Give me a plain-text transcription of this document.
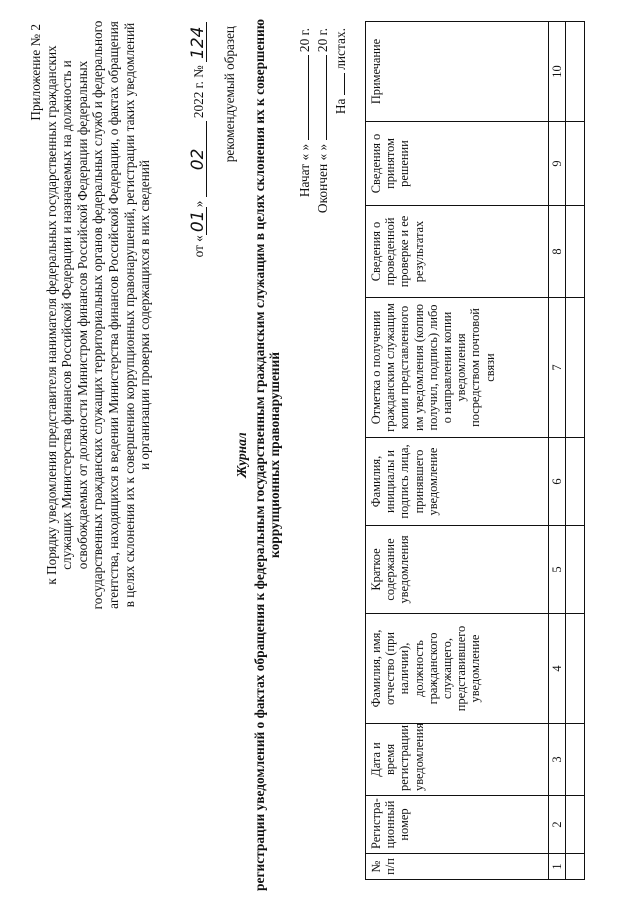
Приложение № 2 к Порядку уведомления представителя нанимателя федеральных государственных гражданских служащих Министерства финансов Российской Федерации и назначаемых на должность и освобождаемых от должности Министром финансов Российской Федерации федеральных государственных гражданских служащих территориальных органов федеральных служб и федерального агентства, находящихся в ведении Министерства финансов Российской Федерации, о фактах обращения в целях склонения их к совершению коррупционных правонарушений, регистрации таких уведомлений и организации проверки содержащихся в них сведений	от «01» 02 2022 г. № 124 рекомендуемый образец
Журнал регистрации уведомлений о фактах обращения к федеральным государственным гражданским служащим в целях склонения их к совершению коррупционных правонарушений
Начат « »  20 г.
Окончен « »  20 г.
На  листах.
№ п/п	Регистра-ционный номер	Дата и время регистрации уведомления	Фамилия, имя, отчество (при наличии), должность гражданского служащего, представившего уведомление	Краткое содержание уведомления	Фамилия, инициалы и подпись лица, принявшего уведомление	Отметка о получении гражданским служащим копии представленного им уведомления (копию получил, подпись) либо о направлении копии уведомления посредством почтовой связи	Сведения о проведенной проверке и ее результатах	Сведения о принятом решении	Примечание
1	2	3	4	5	6	7	8	9	10
